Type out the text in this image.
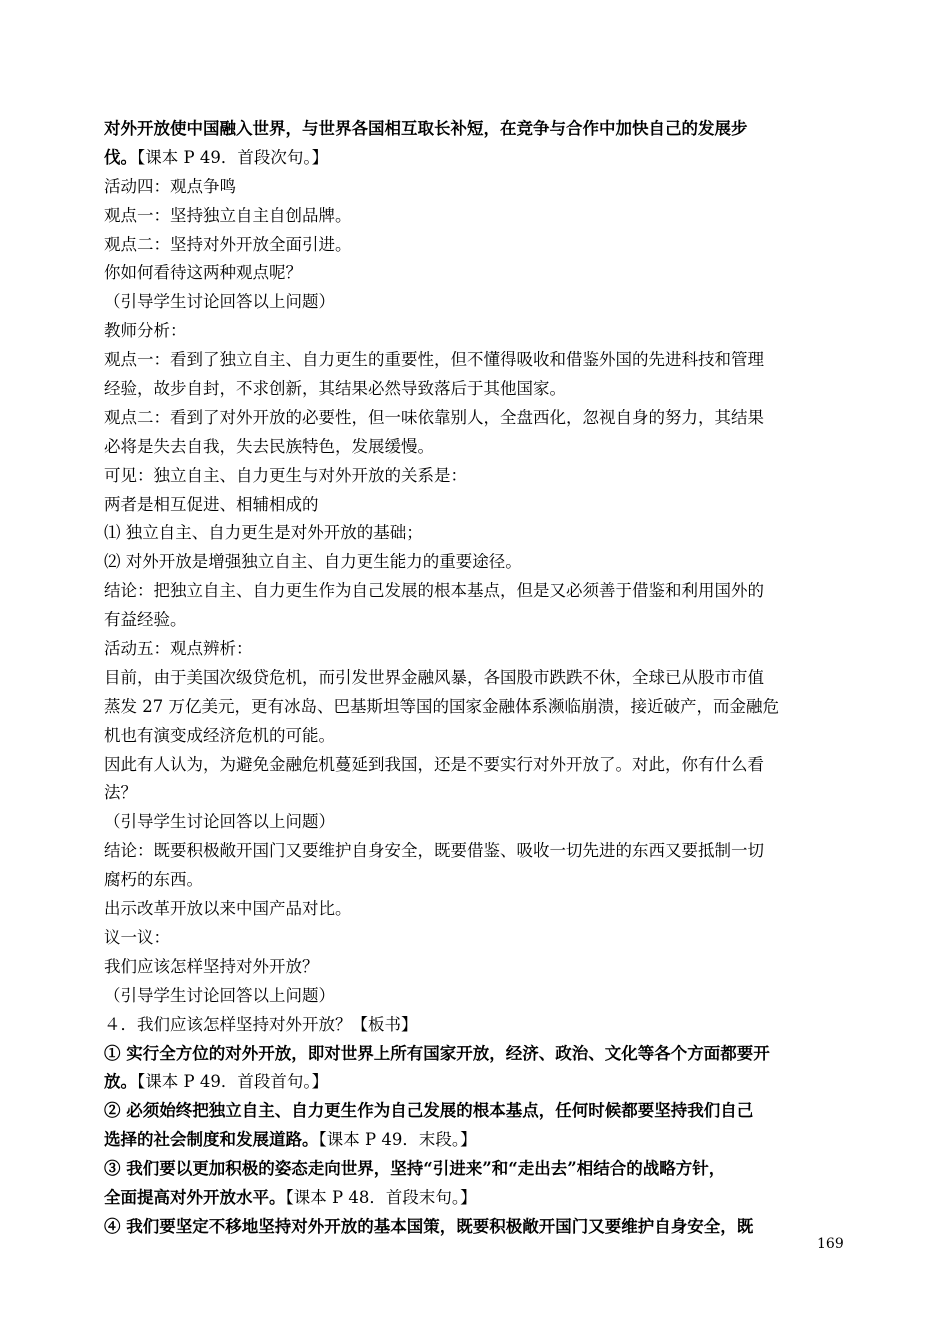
对外开放使中国融入世界，与世界各国相互取长补短，在竞争与合作中加快自己的发展步
伐。【课本 P 49．首段次句。】
活动四：观点争鸣
观点一：坚持独立自主自创品牌。
观点二：坚持对外开放全面引进。
你如何看待这两种观点呢？
（引导学生讨论回答以上问题）
教师分析：
观点一：看到了独立自主、自力更生的重要性，但不懂得吸收和借鉴外国的先进科技和管理
经验，故步自封，不求创新，其结果必然导致落后于其他国家。
观点二：看到了对外开放的必要性，但一味依靠别人，全盘西化，忽视自身的努力，其结果
必将是失去自我，失去民族特色，发展缓慢。
可见：独立自主、自力更生与对外开放的关系是：
两者是相互促进、相辅相成的
⑴ 独立自主、自力更生是对外开放的基础；
⑵ 对外开放是增强独立自主、自力更生能力的重要途径。
结论：把独立自主、自力更生作为自己发展的根本基点，但是又必须善于借鉴和利用国外的
有益经验。
活动五：观点辨析：
目前，由于美国次级贷危机，而引发世界金融风暴，各国股市跌跌不休，全球已从股市市值
蒸发 27 万亿美元，更有冰岛、巴基斯坦等国的国家金融体系濒临崩溃，接近破产，而金融危
机也有演变成经济危机的可能。
因此有人认为，为避免金融危机蔓延到我国，还是不要实行对外开放了。对此，你有什么看
法？
（引导学生讨论回答以上问题）
结论：既要积极敞开国门又要维护自身安全，既要借鉴、吸收一切先进的东西又要抵制一切
腐朽的东西。
出示改革开放以来中国产品对比。
议一议：
我们应该怎样坚持对外开放？
（引导学生讨论回答以上问题）
４．我们应该怎样坚持对外开放？【板书】
① 实行全方位的对外开放，即对世界上所有国家开放，经济、政治、文化等各个方面都要开
放。【课本 P 49．首段首句。】
② 必须始终把独立自主、自力更生作为自己发展的根本基点，任何时候都要坚持我们自己
选择的社会制度和发展道路。【课本 P 49．末段。】
③ 我们要以更加积极的姿态走向世界，坚持“引进来”和“走出去”相结合的战略方针，
全面提高对外开放水平。【课本 P 48．首段末句。】
④ 我们要坚定不移地坚持对外开放的基本国策，既要积极敞开国门又要维护自身安全，既
169
